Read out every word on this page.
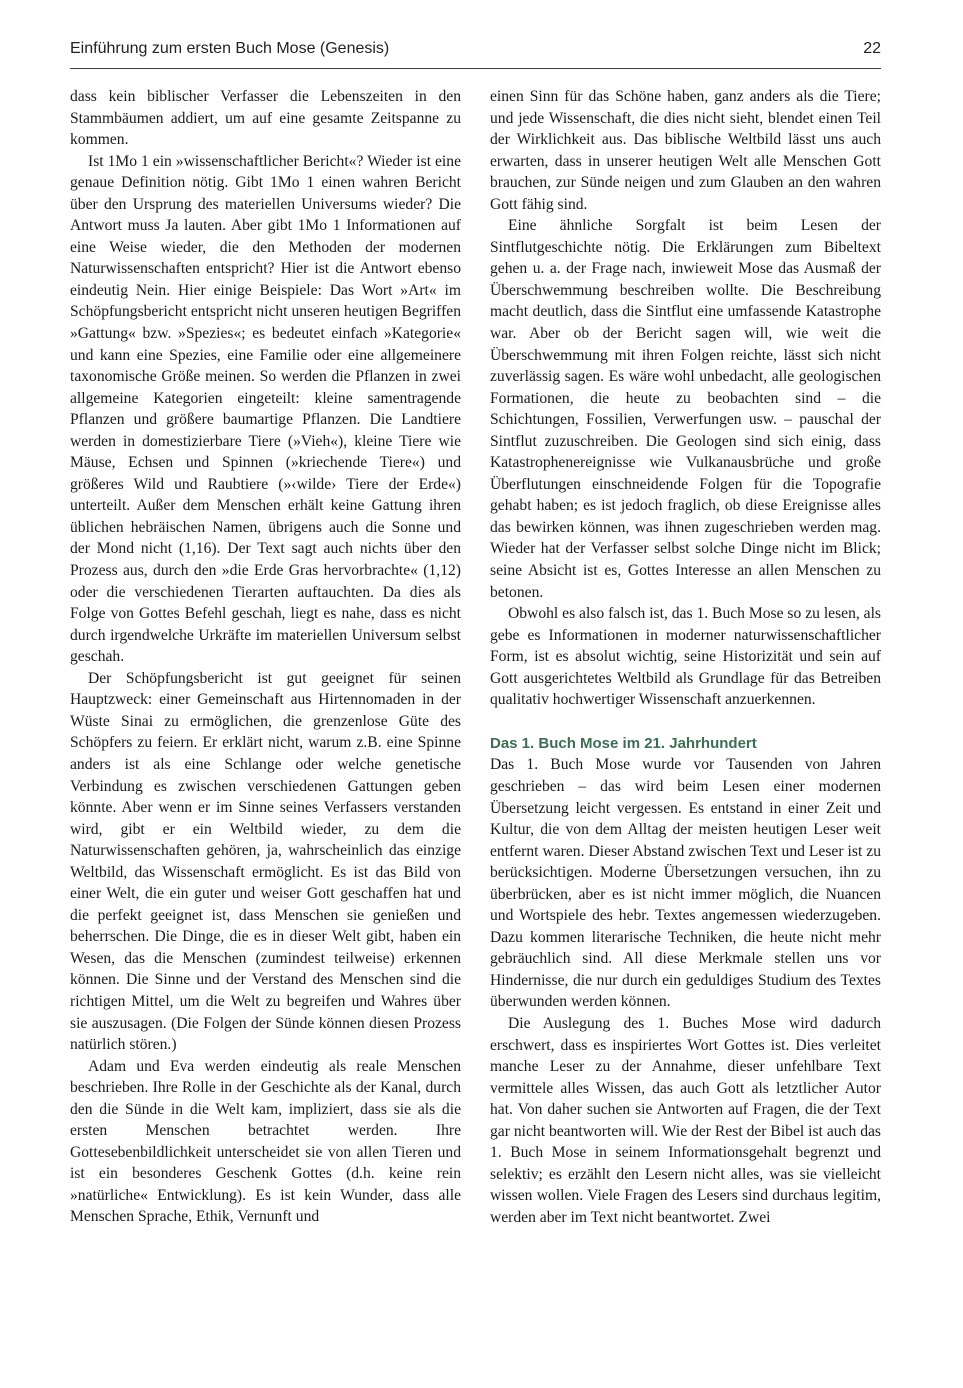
Einführung zum ersten Buch Mose (Genesis)	22

dass kein biblischer Verfasser die Lebenszeiten in den Stammbäumen addiert, um auf eine gesamte Zeitspanne zu kommen.

Ist 1Mo 1 ein »wissenschaftlicher Bericht«? Wieder ist eine genaue Definition nötig. Gibt 1Mo 1 einen wahren Bericht über den Ursprung des materiellen Universums wieder? Die Antwort muss Ja lauten. Aber gibt 1Mo 1 Informationen auf eine Weise wieder, die den Methoden der modernen Naturwissenschaften entspricht? Hier ist die Antwort ebenso eindeutig Nein. Hier einige Beispiele: Das Wort »Art« im Schöpfungsbericht entspricht nicht unseren heutigen Begriffen »Gattung« bzw. »Spezies«; es bedeutet einfach »Kategorie« und kann eine Spezies, eine Familie oder eine allgemeinere taxonomische Größe meinen. So werden die Pflanzen in zwei allgemeine Kategorien eingeteilt: kleine samentragende Pflanzen und größere baumartige Pflanzen. Die Landtiere werden in domestizierbare Tiere (»Vieh«), kleine Tiere wie Mäuse, Echsen und Spinnen (»kriechende Tiere«) und größeres Wild und Raubtiere (»‹wilde› Tiere der Erde«) unterteilt. Außer dem Menschen erhält keine Gattung ihren üblichen hebräischen Namen, übrigens auch die Sonne und der Mond nicht (1,16). Der Text sagt auch nichts über den Prozess aus, durch den »die Erde Gras hervorbrachte« (1,12) oder die verschiedenen Tierarten auftauchten. Da dies als Folge von Gottes Befehl geschah, liegt es nahe, dass es nicht durch irgendwelche Urkräfte im materiellen Universum selbst geschah.

Der Schöpfungsbericht ist gut geeignet für seinen Hauptzweck: einer Gemeinschaft aus Hirtennomaden in der Wüste Sinai zu ermöglichen, die grenzenlose Güte des Schöpfers zu feiern. Er erklärt nicht, warum z.B. eine Spinne anders ist als eine Schlange oder welche genetische Verbindung es zwischen verschiedenen Gattungen geben könnte. Aber wenn er im Sinne seines Verfassers verstanden wird, gibt er ein Weltbild wieder, zu dem die Naturwissenschaften gehören, ja, wahrscheinlich das einzige Weltbild, das Wissenschaft ermöglicht. Es ist das Bild von einer Welt, die ein guter und weiser Gott geschaffen hat und die perfekt geeignet ist, dass Menschen sie genießen und beherrschen. Die Dinge, die es in dieser Welt gibt, haben ein Wesen, das die Menschen (zumindest teilweise) erkennen können. Die Sinne und der Verstand des Menschen sind die richtigen Mittel, um die Welt zu begreifen und Wahres über sie auszusagen. (Die Folgen der Sünde können diesen Prozess natürlich stören.)

Adam und Eva werden eindeutig als reale Menschen beschrieben. Ihre Rolle in der Geschichte als der Kanal, durch den die Sünde in die Welt kam, impliziert, dass sie als die ersten Menschen betrachtet werden. Ihre Gottesebenbildlichkeit unterscheidet sie von allen Tieren und ist ein besonderes Geschenk Gottes (d.h. keine rein »natürliche« Entwicklung). Es ist kein Wunder, dass alle Menschen Sprache, Ethik, Vernunft und

einen Sinn für das Schöne haben, ganz anders als die Tiere; und jede Wissenschaft, die dies nicht sieht, blendet einen Teil der Wirklichkeit aus. Das biblische Weltbild lässt uns auch erwarten, dass in unserer heutigen Welt alle Menschen Gott brauchen, zur Sünde neigen und zum Glauben an den wahren Gott fähig sind.

Eine ähnliche Sorgfalt ist beim Lesen der Sintflutgeschichte nötig. Die Erklärungen zum Bibeltext gehen u. a. der Frage nach, inwieweit Mose das Ausmaß der Überschwemmung beschreiben wollte. Die Beschreibung macht deutlich, dass die Sintflut eine umfassende Katastrophe war. Aber ob der Bericht sagen will, wie weit die Überschwemmung mit ihren Folgen reichte, lässt sich nicht zuverlässig sagen. Es wäre wohl unbedacht, alle geologischen Formationen, die heute zu beobachten sind – die Schichtungen, Fossilien, Verwerfungen usw. – pauschal der Sintflut zuzuschreiben. Die Geologen sind sich einig, dass Katastrophenereignisse wie Vulkanausbrüche und große Überflutungen einschneidende Folgen für die Topografie gehabt haben; es ist jedoch fraglich, ob diese Ereignisse alles das bewirken können, was ihnen zugeschrieben werden mag. Wieder hat der Verfasser selbst solche Dinge nicht im Blick; seine Absicht ist es, Gottes Interesse an allen Menschen zu betonen.

Obwohl es also falsch ist, das 1. Buch Mose so zu lesen, als gebe es Informationen in moderner naturwissenschaftlicher Form, ist es absolut wichtig, seine Historizität und sein auf Gott ausgerichtetes Weltbild als Grundlage für das Betreiben qualitativ hochwertiger Wissenschaft anzuerkennen.

Das 1. Buch Mose im 21. Jahrhundert

Das 1. Buch Mose wurde vor Tausenden von Jahren geschrieben – das wird beim Lesen einer modernen Übersetzung leicht vergessen. Es entstand in einer Zeit und Kultur, die von dem Alltag der meisten heutigen Leser weit entfernt waren. Dieser Abstand zwischen Text und Leser ist zu berücksichtigen. Moderne Übersetzungen versuchen, ihn zu überbrücken, aber es ist nicht immer möglich, die Nuancen und Wortspiele des hebr. Textes angemessen wiederzugeben. Dazu kommen literarische Techniken, die heute nicht mehr gebräuchlich sind. All diese Merkmale stellen uns vor Hindernisse, die nur durch ein geduldiges Studium des Textes überwunden werden können.

Die Auslegung des 1. Buches Mose wird dadurch erschwert, dass es inspiriertes Wort Gottes ist. Dies verleitet manche Leser zu der Annahme, dieser unfehlbare Text vermittele alles Wissen, das auch Gott als letztlicher Autor hat. Von daher suchen sie Antworten auf Fragen, die der Text gar nicht beantworten will. Wie der Rest der Bibel ist auch das 1. Buch Mose in seinem Informationsgehalt begrenzt und selektiv; es erzählt den Lesern nicht alles, was sie vielleicht wissen wollen. Viele Fragen des Lesers sind durchaus legitim, werden aber im Text nicht beantwortet. Zwei
